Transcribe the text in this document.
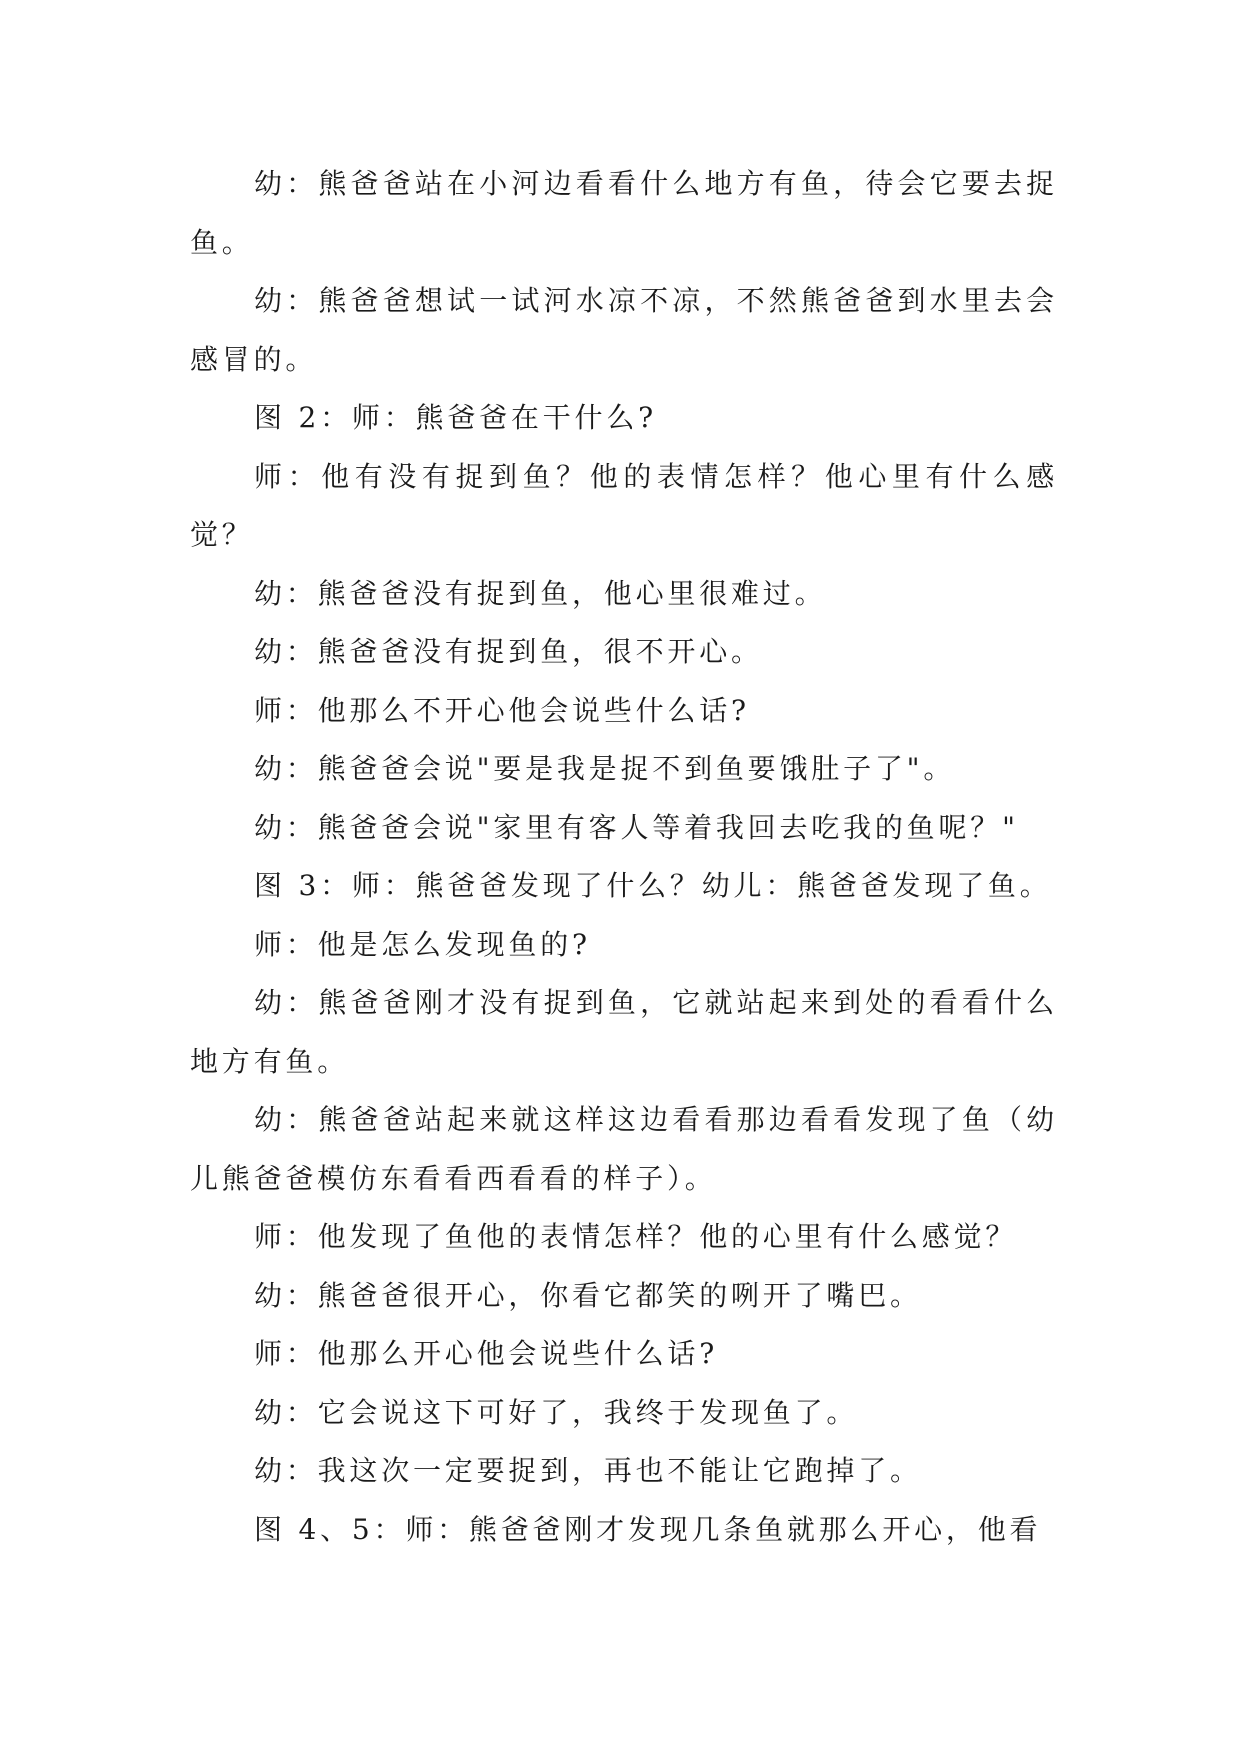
幼：熊爸爸站在小河边看看什么地方有鱼，待会它要去捉鱼。

幼：熊爸爸想试一试河水凉不凉，不然熊爸爸到水里去会感冒的。

图 2：师：熊爸爸在干什么?

师：他有没有捉到鱼？他的表情怎样？他心里有什么感觉？

幼：熊爸爸没有捉到鱼，他心里很难过。

幼：熊爸爸没有捉到鱼，很不开心。

师：他那么不开心他会说些什么话?

幼：熊爸爸会说"要是我是捉不到鱼要饿肚子了"。

幼：熊爸爸会说"家里有客人等着我回去吃我的鱼呢？"

图 3：师：熊爸爸发现了什么？幼儿：熊爸爸发现了鱼。

师：他是怎么发现鱼的?

幼：熊爸爸刚才没有捉到鱼，它就站起来到处的看看什么地方有鱼。

幼：熊爸爸站起来就这样这边看看那边看看发现了鱼（幼儿熊爸爸模仿东看看西看看的样子）。

师：他发现了鱼他的表情怎样？他的心里有什么感觉？

幼：熊爸爸很开心，你看它都笑的咧开了嘴巴。

师：他那么开心他会说些什么话?

幼：它会说这下可好了，我终于发现鱼了。

幼：我这次一定要捉到，再也不能让它跑掉了。

图 4、5：师：熊爸爸刚才发现几条鱼就那么开心，他看
